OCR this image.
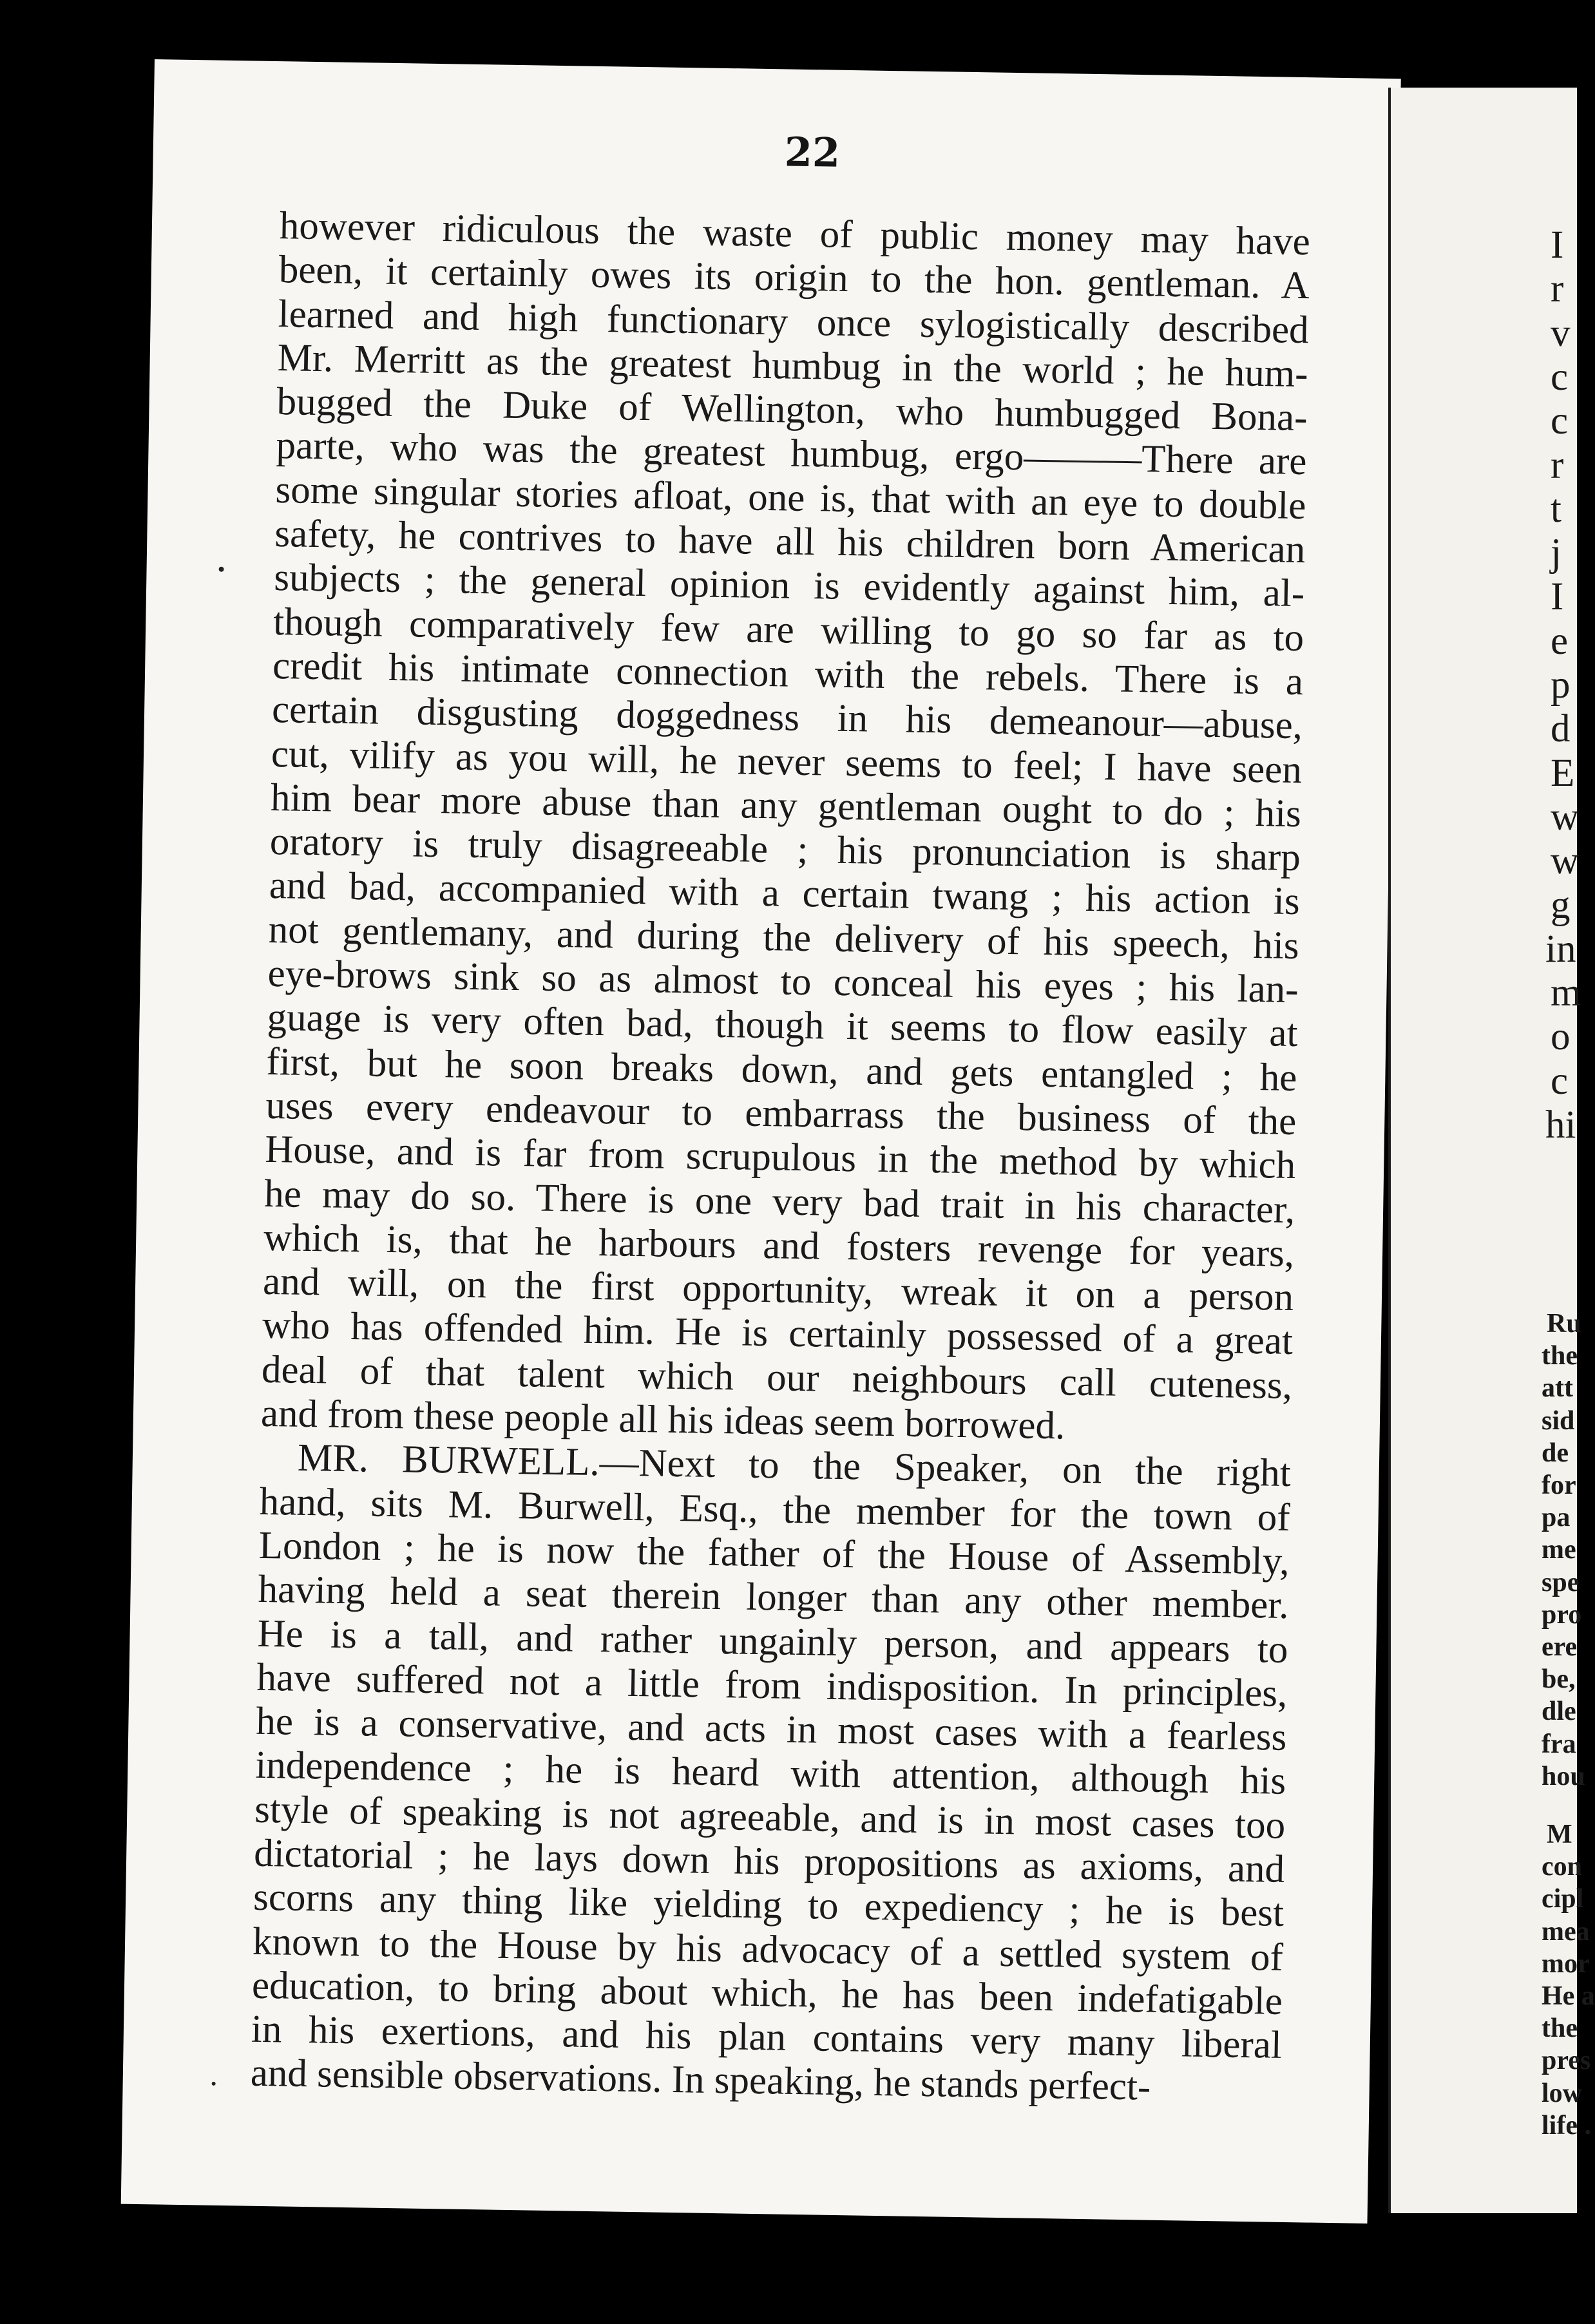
22
however ridiculous the waste of public money may have
been, it certainly owes its origin to the hon. gentleman. A
learned and high functionary once sylogistically described
Mr. Merritt as the greatest humbug in the world ; he hum-
bugged the Duke of Wellington, who humbugged Bona-
parte, who was the greatest humbug, ergo———There are
some singular stories afloat, one is, that with an eye to double
safety, he contrives to have all his children born American
subjects ; the general opinion is evidently against him, al-
though comparatively few are willing to go so far as to
credit his intimate connection with the rebels. There is a
certain disgusting doggedness in his demeanour—abuse,
cut, vilify as you will, he never seems to feel; I have seen
him bear more abuse than any gentleman ought to do ; his
oratory is truly disagreeable ; his pronunciation is sharp
and bad, accompanied with a certain twang ; his action is
not gentlemany, and during the delivery of his speech, his
eye-brows sink so as almost to conceal his eyes ; his lan-
guage is very often bad, though it seems to flow easily at
first, but he soon breaks down, and gets entangled ; he
uses every endeavour to embarrass the business of the
House, and is far from scrupulous in the method by which
he may do so. There is one very bad trait in his character,
which is, that he harbours and fosters revenge for years,
and will, on the first opportunity, wreak it on a person
who has offended him. He is certainly possessed of a great
deal of that talent which our neighbours call cuteness,
and from these people all his ideas seem borrowed.
MR. BURWELL.—Next to the Speaker, on the right
hand, sits M. Burwell, Esq., the member for the town of
London ; he is now the father of the House of Assembly,
having held a seat therein longer than any other member.
He is a tall, and rather ungainly person, and appears to
have suffered not a little from indisposition. In principles,
he is a conservative, and acts in most cases with a fearless
independence ; he is heard with attention, although his
style of speaking is not agreeable, and is in most cases too
dictatorial ; he lays down his propositions as axioms, and
scorns any thing like yielding to expediency ; he is best
known to the House by his advocacy of a settled system of
education, to bring about which, he has been indefatigable
in his exertions, and his plan contains very many liberal
and sensible observations. In speaking, he stands perfect-
I
r
v
c
c
r
t
j
I
e
p
d
E
w
w
g
in
m
o
c
hi
Ru
the
att
sid
de
for
pa
me
spe
pro
ere
be,
dle
fra
hou
M
con
cipl
mea
mor
He a
the
pres
low
life .
